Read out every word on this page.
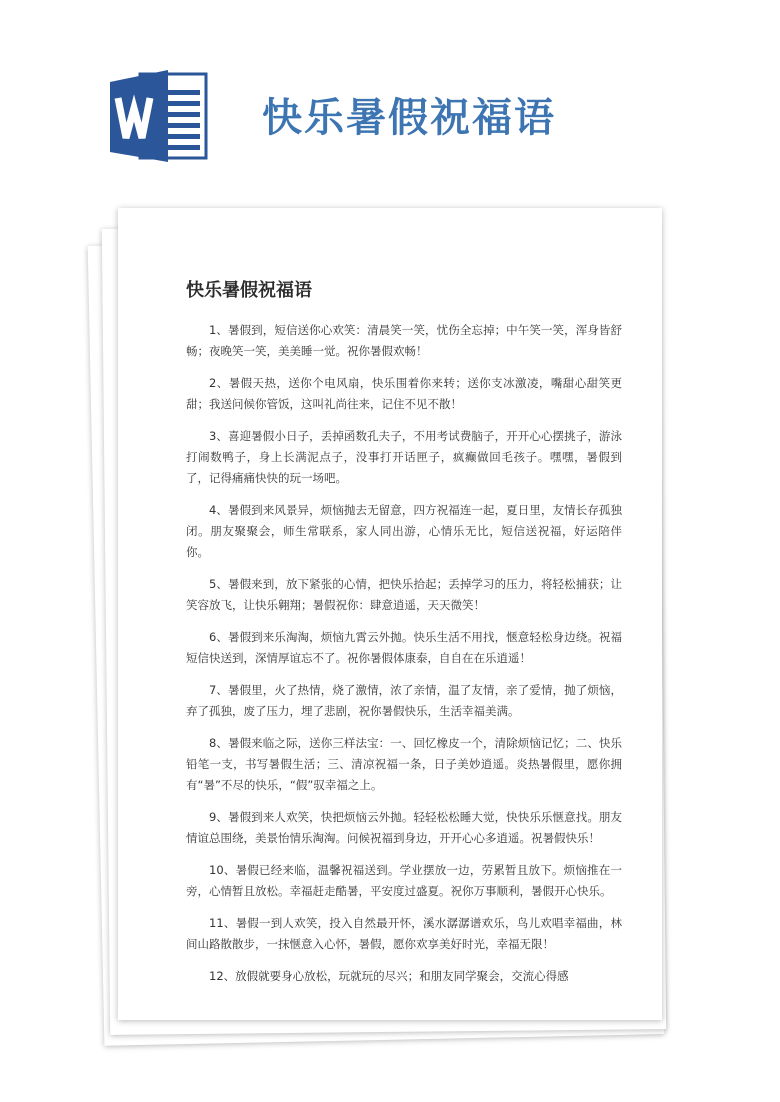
快乐暑假祝福语
快乐暑假祝福语

1、暑假到，短信送你心欢笑：清晨笑一笑，忧伤全忘掉；中午笑一笑，浑身皆舒畅；夜晚笑一笑，美美睡一觉。祝你暑假欢畅！

2、暑假天热，送你个电风扇，快乐围着你来转；送你支冰激凌，嘴甜心甜笑更甜；我送问候你管饭，这叫礼尚往来，记住不见不散！

3、喜迎暑假小日子，丢掉函数孔夫子，不用考试费脑子，开开心心摆挑子，游泳打闹数鸭子，身上长满泥点子，没事打开话匣子，疯癫做回毛孩子。嘿嘿，暑假到了，记得痛痛快快的玩一场吧。

4、暑假到来风景异，烦恼抛去无留意，四方祝福连一起，夏日里，友情长存孤独闭。朋友聚聚会，师生常联系，家人同出游，心情乐无比，短信送祝福，好运陪伴你。

5、暑假来到，放下紧张的心情，把快乐拾起；丢掉学习的压力，将轻松捕获；让笑容放飞，让快乐翱翔；暑假祝你：肆意逍遥，天天微笑！

6、暑假到来乐淘淘，烦恼九霄云外抛。快乐生活不用找，惬意轻松身边绕。祝福短信快送到，深情厚谊忘不了。祝你暑假体康泰，自自在在乐逍遥！

7、暑假里，火了热情，烧了激情，浓了亲情，温了友情，亲了爱情，抛了烦恼，弃了孤独，废了压力，埋了悲剧，祝你暑假快乐，生活幸福美满。

8、暑假来临之际，送你三样法宝：一、回忆橡皮一个，清除烦恼记忆；二、快乐铅笔一支，书写暑假生活；三、清凉祝福一条，日子美妙逍遥。炎热暑假里，愿你拥有“暑”不尽的快乐，“假”驭幸福之上。

9、暑假到来人欢笑，快把烦恼云外抛。轻轻松松睡大觉，快快乐乐惬意找。朋友情谊总围绕，美景怡情乐淘淘。问候祝福到身边，开开心心多逍遥。祝暑假快乐！

10、暑假已经来临，温馨祝福送到。学业摆放一边，劳累暂且放下。烦恼推在一旁，心情暂且放松。幸福赶走酷暑，平安度过盛夏。祝你万事顺利，暑假开心快乐。

11、暑假一到人欢笑，投入自然最开怀，溪水潺潺谱欢乐，鸟儿欢唱幸福曲，林间山路散散步，一抹惬意入心怀，暑假，愿你欢享美好时光，幸福无限！

12、放假就要身心放松，玩就玩的尽兴；和朋友同学聚会，交流心得感
